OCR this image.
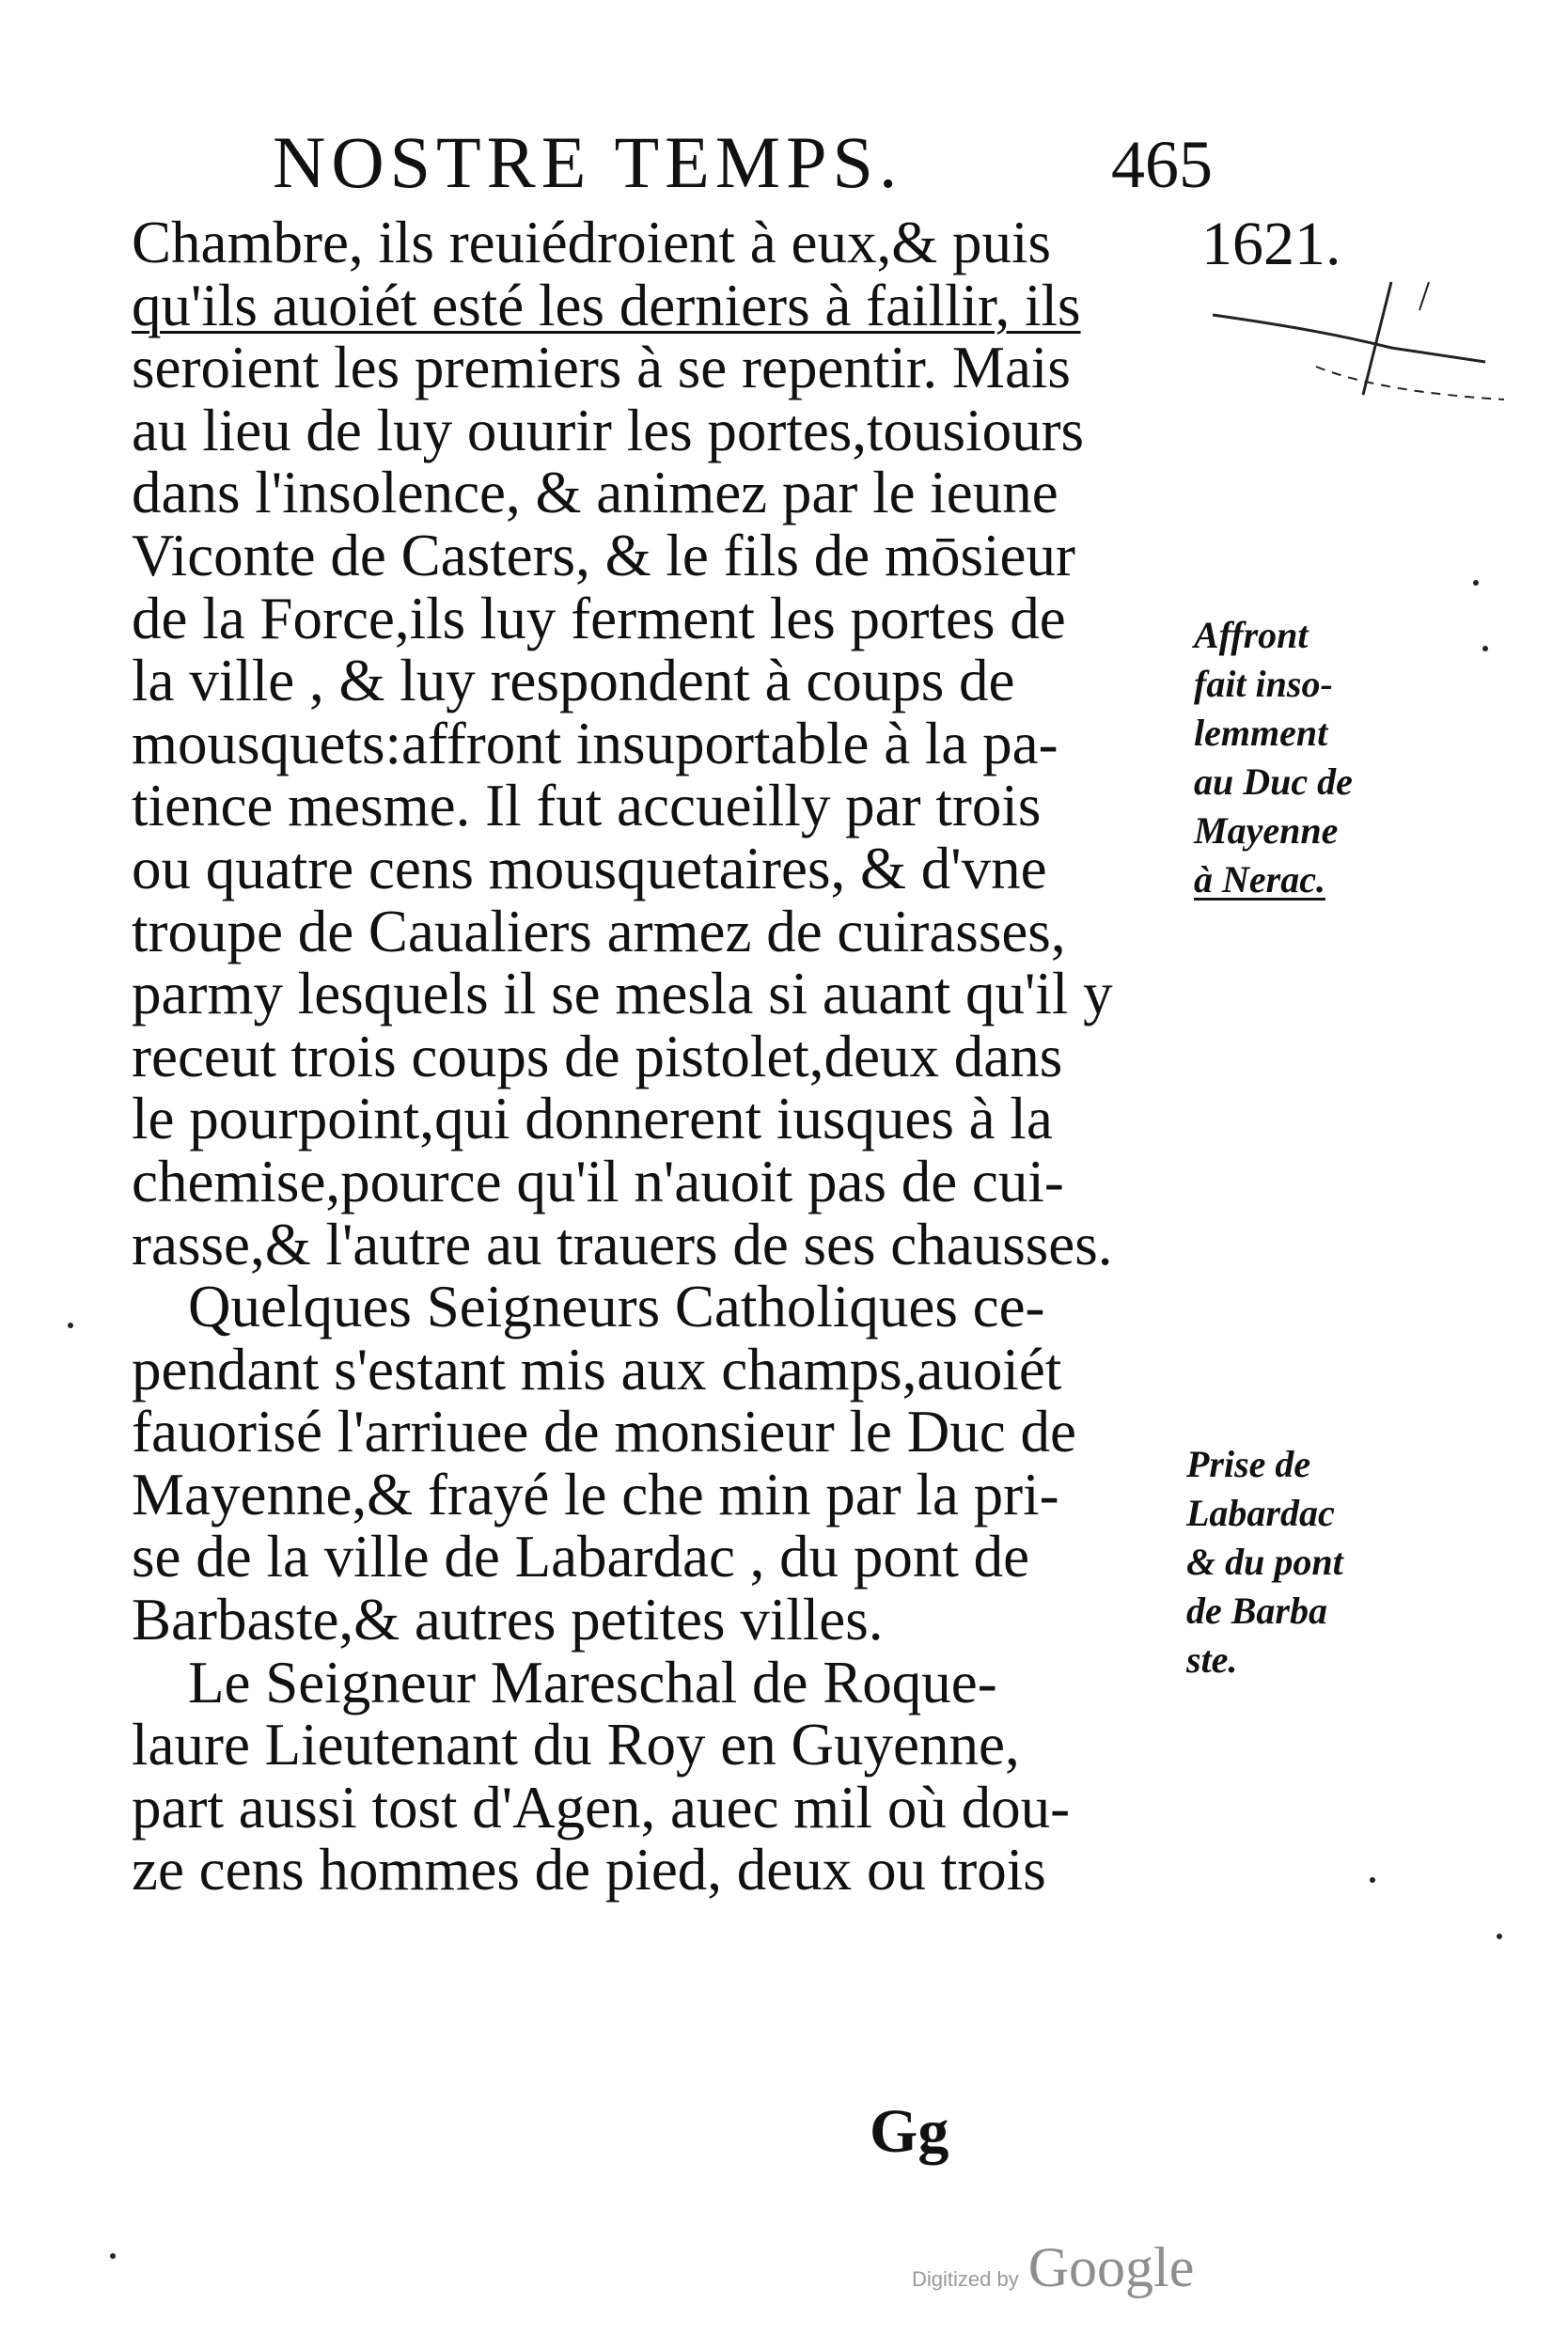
NOSTRE TEMPS.	465
1621.
Chambre, ils reuiédroient à eux,& puis
qu'ils auoiét esté les derniers à faillir, ils
seroient les premiers à se repentir. Mais
au lieu de luy ouurir les portes,tousiours
dans l'insolence, & animez par le ieune
Viconte de Casters, & le fils de mōsieur
de la Force,ils luy ferment les portes de
la ville , & luy respondent à coups de
mousquets:affront insuportable à la pa-
tience mesme. Il fut accueilly par trois
ou quatre cens mousquetaires, & d'vne
troupe de Caualiers armez de cuirasses,
parmy lesquels il se mesla si auant qu'il y
receut trois coups de pistolet,deux dans
le pourpoint,qui donnerent iusques à la
chemise,pource qu'il n'auoit pas de cui-
rasse,& l'autre au trauers de ses chausses.
Quelques Seigneurs Catholiques ce-
pendant s'estant mis aux champs,auoiét
fauorisé l'arriuee de monsieur le Duc de
Mayenne,& frayé le che min par la pri-
se de la ville de Labardac , du pont de
Barbaste,& autres petites villes.
Le Seigneur Mareschal de Roque-
laure Lieutenant du Roy en Guyenne,
part aussi tost d'Agen, auec mil où dou-
ze cens hommes de pied, deux ou trois
Affront
fait inso-
lemment
au Duc de
Mayenne
à Nerac.
Prise de
Labardac
& du pont
de Barba
ste.
Gg
Digitized by Google
